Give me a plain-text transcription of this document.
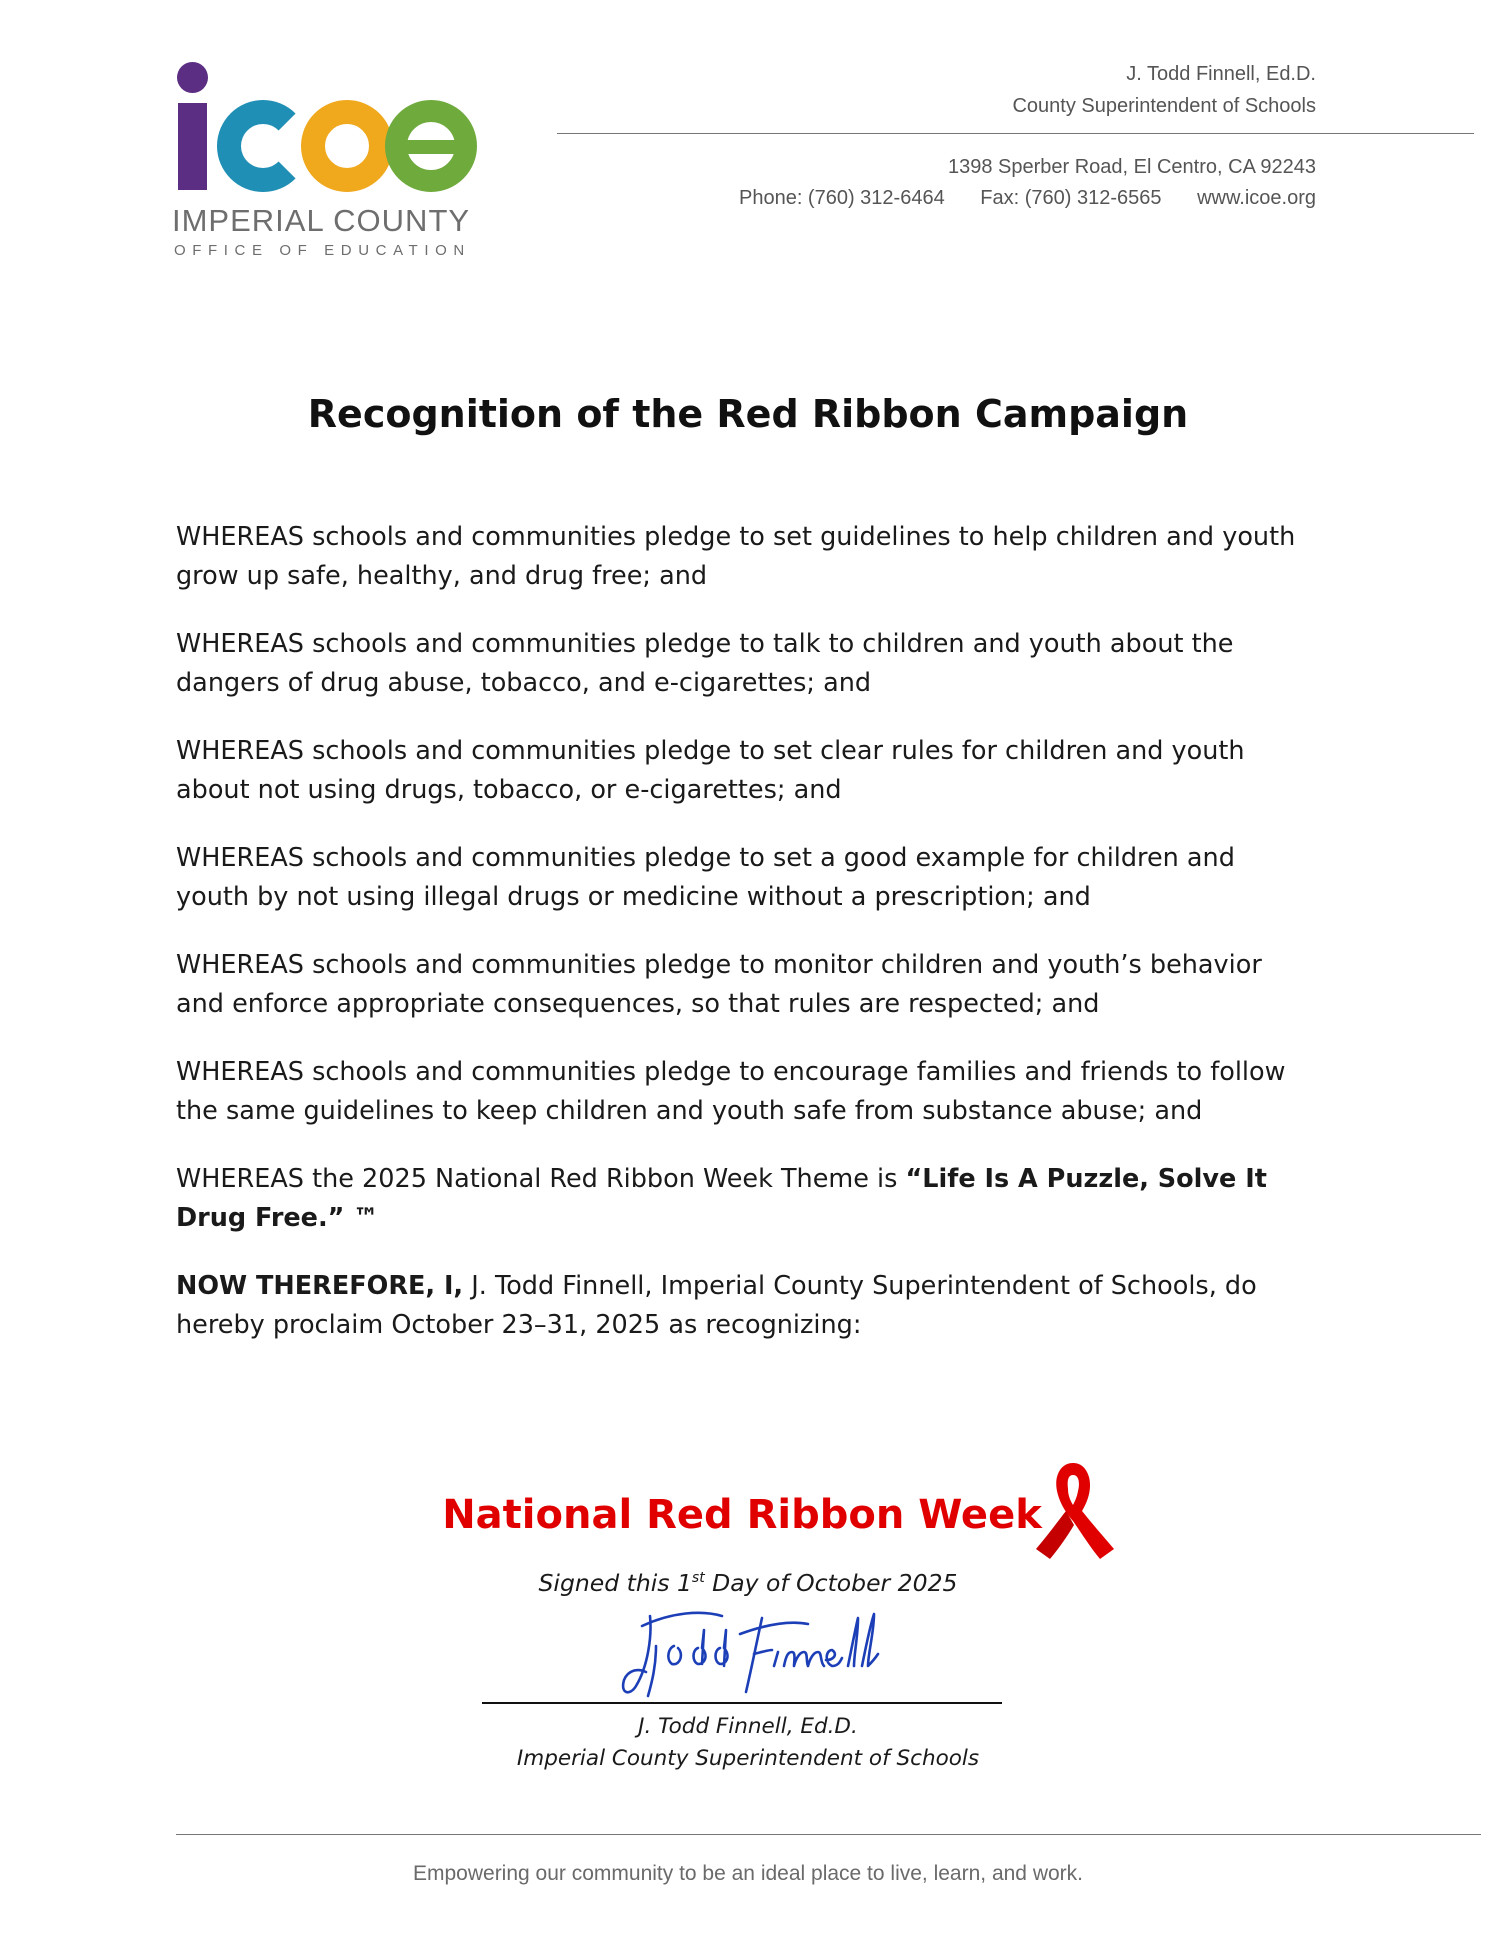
IMPERIAL COUNTY
OFFICE OF EDUCATION
J. Todd Finnell, Ed.D.
County Superintendent of Schools
1398 Sperber Road, El Centro, CA 92243
Phone: (760) 312-6464 Fax: (760) 312-6565 www.icoe.org
Recognition of the Red Ribbon Campaign

WHEREAS schools and communities pledge to set guidelines to help children and youth grow up safe, healthy, and drug free; and

WHEREAS schools and communities pledge to talk to children and youth about the dangers of drug abuse, tobacco, and e-cigarettes; and

WHEREAS schools and communities pledge to set clear rules for children and youth about not using drugs, tobacco, or e-cigarettes; and

WHEREAS schools and communities pledge to set a good example for children and youth by not using illegal drugs or medicine without a prescription; and

WHEREAS schools and communities pledge to monitor children and youth’s behavior and enforce appropriate consequences, so that rules are respected; and

WHEREAS schools and communities pledge to encourage families and friends to follow the same guidelines to keep children and youth safe from substance abuse; and

WHEREAS the 2025 National Red Ribbon Week Theme is “Life Is A Puzzle, Solve It Drug Free.” ™

NOW THEREFORE, I, J. Todd Finnell, Imperial County Superintendent of Schools, do hereby proclaim October 23–31, 2025 as recognizing:

National Red Ribbon Week
Signed this 1st Day of October 2025
J. Todd Finnell, Ed.D.
Imperial County Superintendent of Schools
Empowering our community to be an ideal place to live, learn, and work.
